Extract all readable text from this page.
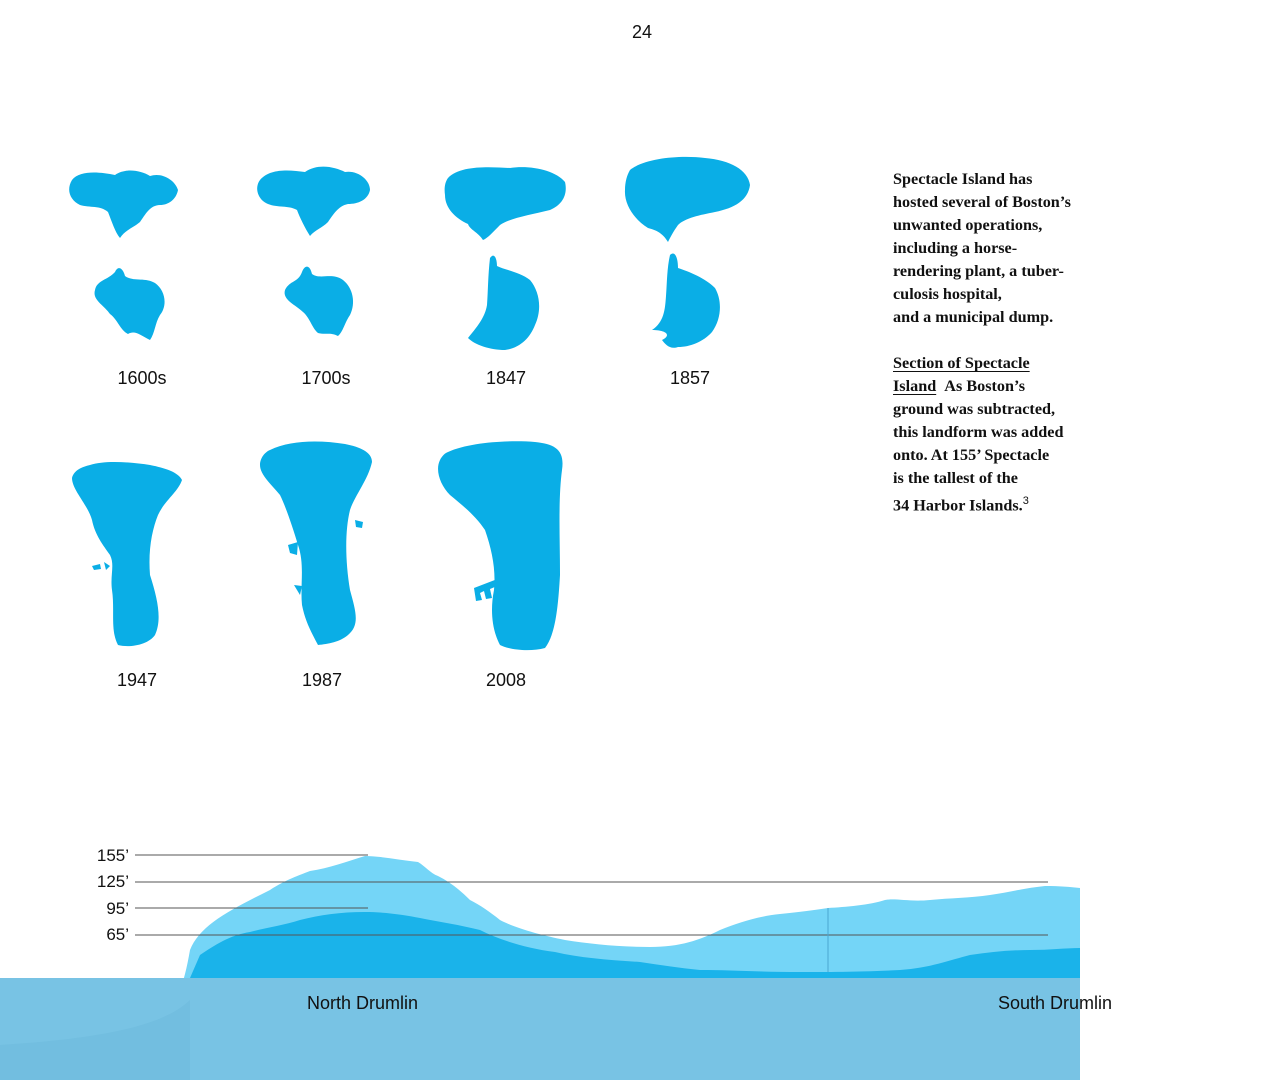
24
1600s	1700s	1847	1857
1947	1987	2008

Spectacle Island has
hosted several of Boston’s
unwanted operations,
including a horse-
rendering plant, a tuber-
culosis hospital,
and a municipal dump.

Section of Spectacle
Island As Boston’s
ground was subtracted,
this landform was added
onto. At 155’ Spectacle
is the tallest of the
34 Harbor Islands.$^3$

155’
125’
95’
65’
North Drumlin	South Drumlin
